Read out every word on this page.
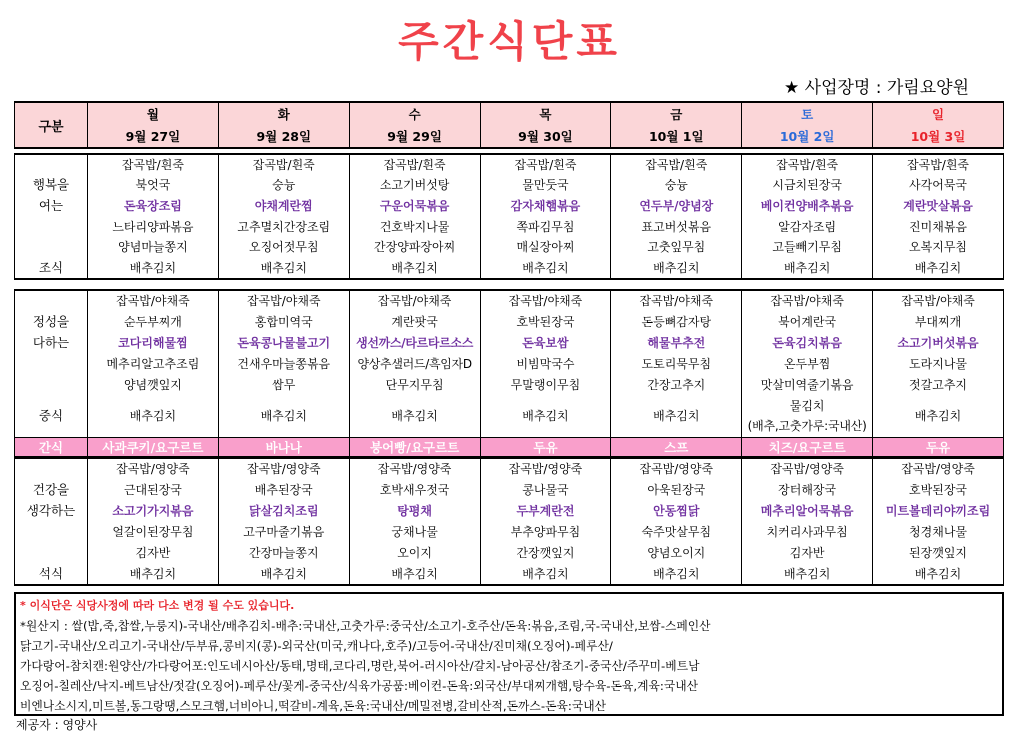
주간식단표
★ 사업장명 : 가림요양원
구분	월	화	수	목	금	토	일
	9월 27일	9월 28일	9월 29일	9월 30일	10월 1일	10월 2일	10월 3일
	잡곡밥/흰죽	잡곡밥/흰죽	잡곡밥/흰죽	잡곡밥/흰죽	잡곡밥/흰죽	잡곡밥/흰죽	잡곡밥/흰죽
행복을	북엇국	숭늉	소고기버섯탕	물만둣국	숭늉	시금치된장국	사각어묵국
여는	돈육장조림	야채계란찜	구운어묵볶음	감자채햄볶음	연두부/양념장	베이컨양배추볶음	계란맛살볶음
	느타리양파볶음	고추멸치간장조림	건호박지나물	쪽파김무침	표고버섯볶음	알감자조림	진미채볶음
	양념마늘쫑지	오징어젓무침	간장양파장아찌	매실장아찌	고춧잎무침	고들빼기무침	오복지무침
조식	배추김치	배추김치	배추김치	배추김치	배추김치	배추김치	배추김치
	잡곡밥/야채죽	잡곡밥/야채죽	잡곡밥/야채죽	잡곡밥/야채죽	잡곡밥/야채죽	잡곡밥/야채죽	잡곡밥/야채죽
정성을	순두부찌개	홍합미역국	계란팟국	호박된장국	돈등뼈감자탕	북어계란국	부대찌개
다하는	코다리해물찜	돈육콩나물불고기	생선까스/타르타르소스	돈육보쌈	해물부추전	돈육김치볶음	소고기버섯볶음
	메추리알고추조림	건새우마늘쫑볶음	양상추샐러드/흑임자D	비빔막국수	도토리묵무침	온두부찜	도라지나물
	양념깻잎지	쌈무	단무지무침	무말랭이무침	간장고추지	맛살미역줄기볶음	젓갈고추지
중식	배추김치	배추김치	배추김치	배추김치	배추김치	물김치	배추김치
						(배추,고춧가루:국내산)	
간식	사과쿠키/요구르트	바나나	붕어빵/요구르트	두유	스프	치즈/요구르트	두유
	잡곡밥/영양죽	잡곡밥/영양죽	잡곡밥/영양죽	잡곡밥/영양죽	잡곡밥/영양죽	잡곡밥/영양죽	잡곡밥/영양죽
건강을	근대된장국	배추된장국	호박새우젓국	콩나물국	아욱된장국	장터해장국	호박된장국
생각하는	소고기가지볶음	닭살김치조림	탕평채	두부계란전	안동찜닭	메추리알어묵볶음	미트볼데리야끼조림
	얼갈이된장무침	고구마줄기볶음	궁채나물	부추양파무침	숙주맛살무침	치커리사과무침	청경채나물
	김자반	간장마늘쫑지	오이지	간장깻잎지	양념오이지	김자반	된장깻잎지
석식	배추김치	배추김치	배추김치	배추김치	배추김치	배추김치	배추김치
* 이식단은 식당사정에 따라 다소 변경 될 수도 있습니다.
*원산지 : 쌀(밥,죽,찹쌀,누룽지)-국내산/배추김치-배추:국내산,고춧가루:중국산/소고기-호주산/돈육:볶음,조림,국-국내산,보쌈-스페인산
닭고기-국내산/오리고기-국내산/두부류,콩비지(콩)-외국산(미국,캐나다,호주)/고등어-국내산/진미채(오징어)-페루산/
가다랑어-참치캔:원양산/가다랑어포:인도네시아산/동태,명태,코다리,명란,북어-러시아산/갈치-남아공산/참조기-중국산/주꾸미-베트남
오징어-칠레산/낙지-베트남산/젓갈(오징어)-페루산/꽃게-중국산/식육가공품:베이컨-돈육:외국산/부대찌개햄,탕수육-돈육,계육:국내산
비엔나소시지,미트볼,동그랑땡,스모크햄,너비아니,떡갈비-계육,돈육:국내산/메밀전병,갈비산적,돈까스-돈육:국내산
제공자 : 영양사
